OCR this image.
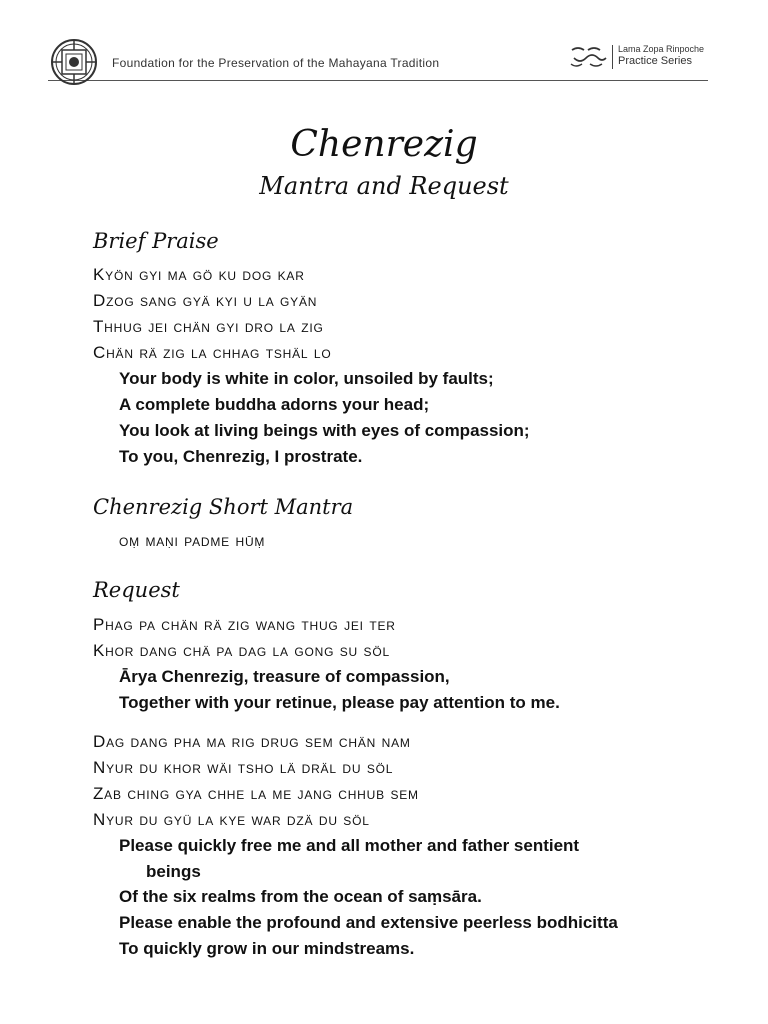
Foundation for the Preservation of the Mahayana Tradition
Lama Zopa Rinpoche
Practice Series
Chenrezig
Mantra and Request
Brief Praise
Kyön gyi ma gö ku dog kar
Dzog sang gyä kyi u la gyän
Thhug jei chän gyi dro la zig
Chän rä zig la chhag tshäl lo
Your body is white in color, unsoiled by faults;
A complete buddha adorns your head;
You look at living beings with eyes of compassion;
To you, Chenrezig, I prostrate.
Chenrezig Short Mantra
oṃ maṇi padme hūṃ
Request
Phag pa chän rä zig wang thug jei ter
Khor dang chä pa dag la gong su söl
Ārya Chenrezig, treasure of compassion,
Together with your retinue, please pay attention to me.
Dag dang pha ma rig drug sem chän nam
Nyur du khor wäi tsho lä dräl du söl
Zab ching gya chhe la me jang chhub sem
Nyur du gyü la kye war dzä du söl
Please quickly free me and all mother and father sentient
beings
Of the six realms from the ocean of saṃsāra.
Please enable the profound and extensive peerless bodhicitta
To quickly grow in our mindstreams.
